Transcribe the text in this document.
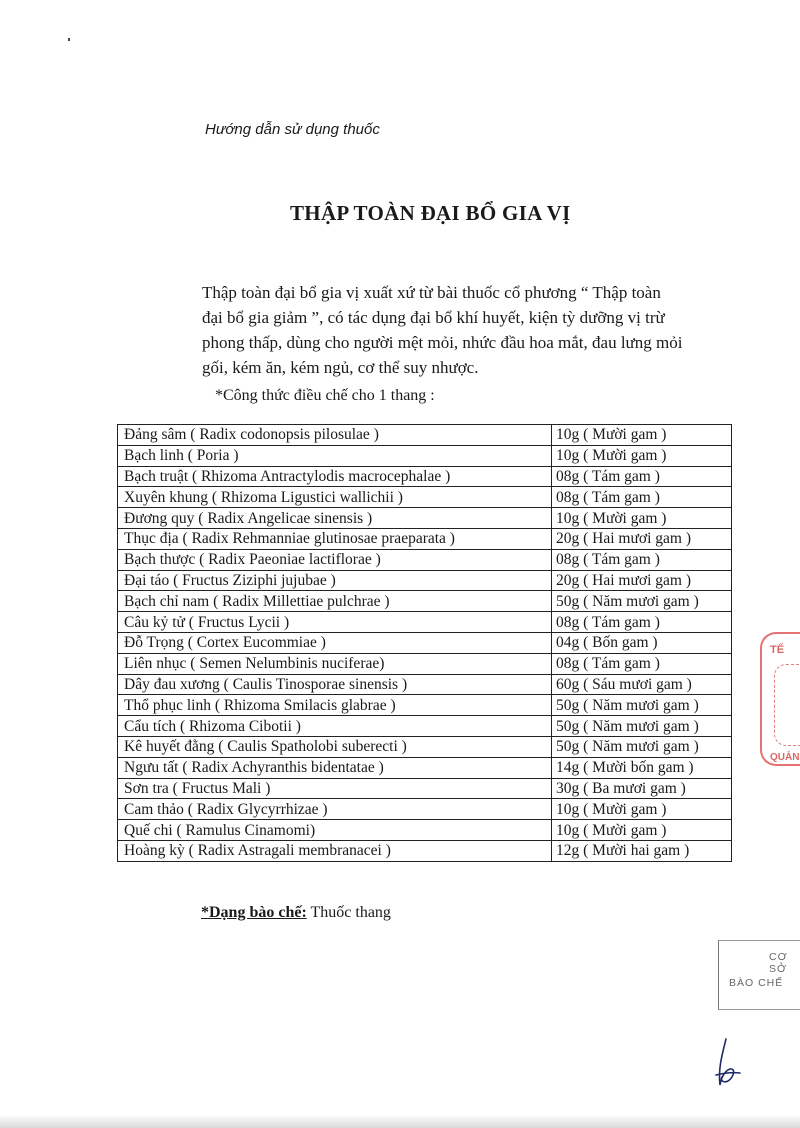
Hướng dẫn sử dụng thuốc
THẬP TOÀN ĐẠI BỔ GIA VỊ

Thập toàn đại bổ gia vị xuất xứ từ bài thuốc cổ phương “ Thập toàn
đại bổ gia giảm ”, có tác dụng đại bổ khí huyết, kiện tỳ dưỡng vị trừ
phong thấp, dùng cho người mệt mỏi, nhức đầu hoa mắt, đau lưng mỏi
gối, kém ăn, kém ngủ, cơ thể suy nhược.

*Công thức điều chế cho 1 thang :
Đảng sâm ( Radix codonopsis pilosulae )	10g ( Mười gam )
Bạch linh ( Poria )	10g ( Mười gam )
Bạch truật ( Rhizoma Antractylodis macrocephalae )	08g ( Tám gam )
Xuyên khung ( Rhizoma Ligustici wallichii )	08g ( Tám gam )
Đương quy ( Radix Angelicae sinensis )	10g ( Mười gam )
Thục địa ( Radix Rehmanniae glutinosae praeparata )	20g ( Hai mươi gam )
Bạch thược ( Radix Paeoniae lactiflorae )	08g ( Tám gam )
Đại táo ( Fructus Ziziphi jujubae )	20g ( Hai mươi gam )
Bạch chỉ nam ( Radix Millettiae pulchrae )	50g ( Năm mươi gam )
Câu kỷ tử ( Fructus Lycii )	08g ( Tám gam )
Đỗ Trọng ( Cortex Eucommiae )	04g ( Bốn gam )
Liên nhục ( Semen Nelumbinis nuciferae)	08g ( Tám gam )
Dây đau xương ( Caulis Tinosporae sinensis )	60g ( Sáu mươi gam )
Thổ phục linh ( Rhizoma Smilacis glabrae )	50g ( Năm mươi gam )
Cẩu tích ( Rhizoma Cibotii )	50g ( Năm mươi gam )
Kê huyết đằng ( Caulis Spatholobi suberecti )	50g ( Năm mươi gam )
Ngưu tất ( Radix Achyranthis bidentatae )	14g ( Mười bốn gam )
Sơn tra ( Fructus Mali )	30g ( Ba mươi gam )
Cam thảo ( Radix Glycyrrhizae )	10g ( Mười gam )
Quế chi ( Ramulus Cinamomi)	10g ( Mười gam )
Hoàng kỳ ( Radix Astragali membranacei )	12g ( Mười hai gam )
*Dạng bào chế: Thuốc thang
TẾ
QUẢN
CƠ SỞ
BÀO CHẾ
